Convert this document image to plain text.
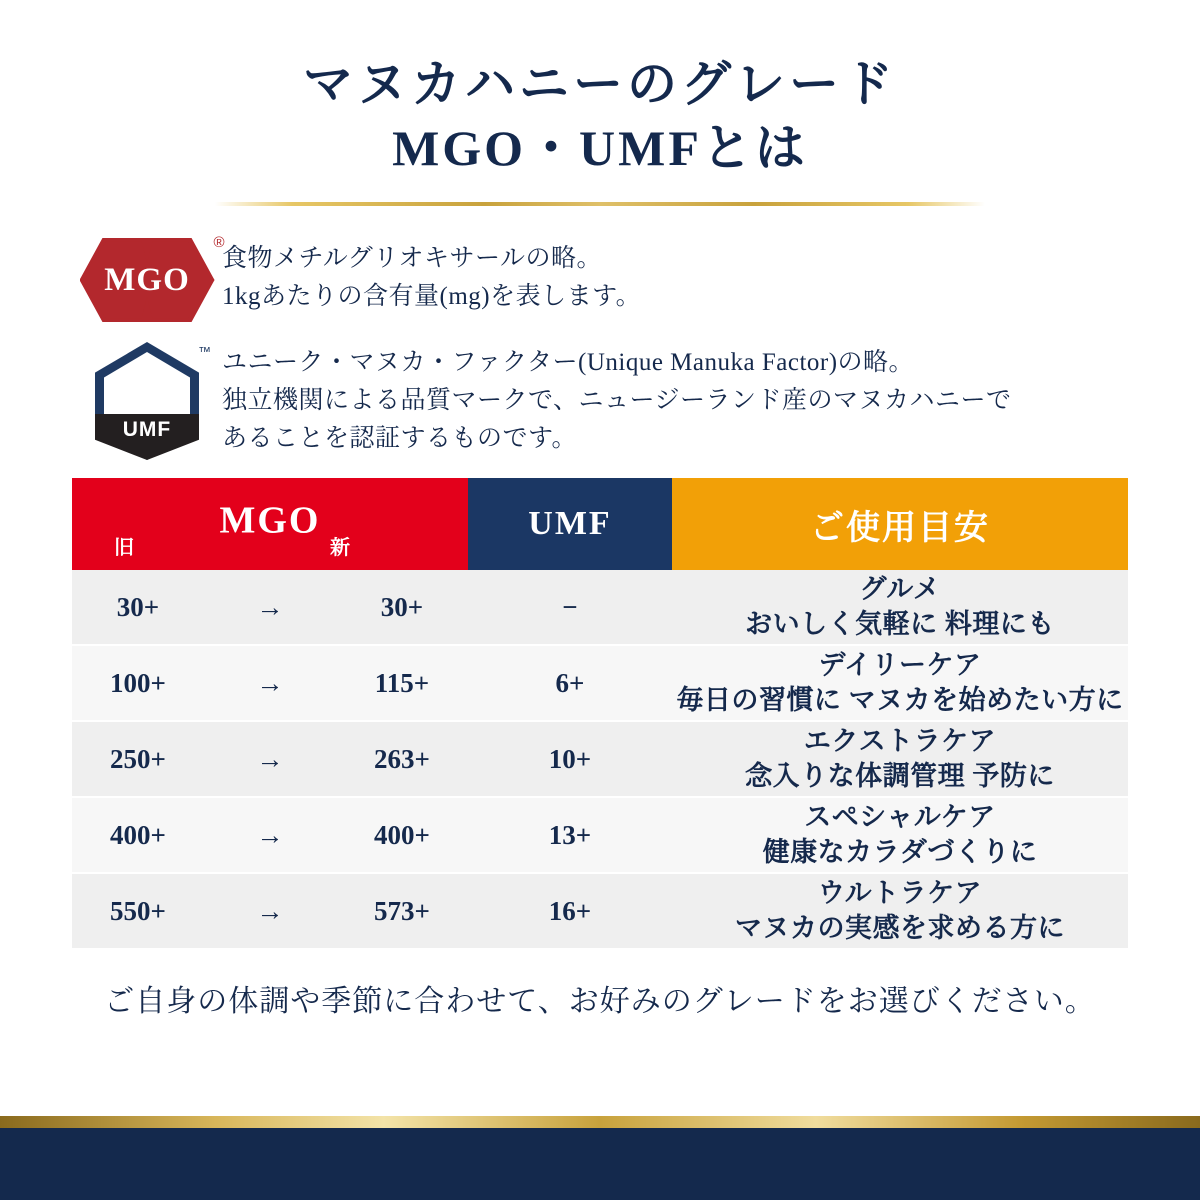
マヌカハニーのグレード
MGO・UMFとは
MGO
®
食物メチルグリオキサールの略。
1kgあたりの含有量(mg)を表します。
UMF
™ ユニーク・マヌカ・ファクター(Unique Manuka Factor)の略。
独立機関による品質マークで、ニュージーランド産のマヌカハニーで
あることを認証するものです。
MGO
旧 新			UMF	ご使用目安
30+	→	30+	−	グルメ
おいしく気軽に 料理にも

100+	→	115+	6+	デイリーケア
毎日の習慣に マヌカを始めたい方に

250+	→	263+	10+	エクストラケア
念入りな体調管理 予防に

400+	→	400+	13+	スペシャルケア
健康なカラダづくりに

550+	→	573+	16+	ウルトラケア
マヌカの実感を求める方に
ご自身の体調や季節に合わせて、お好みのグレードをお選びください。
